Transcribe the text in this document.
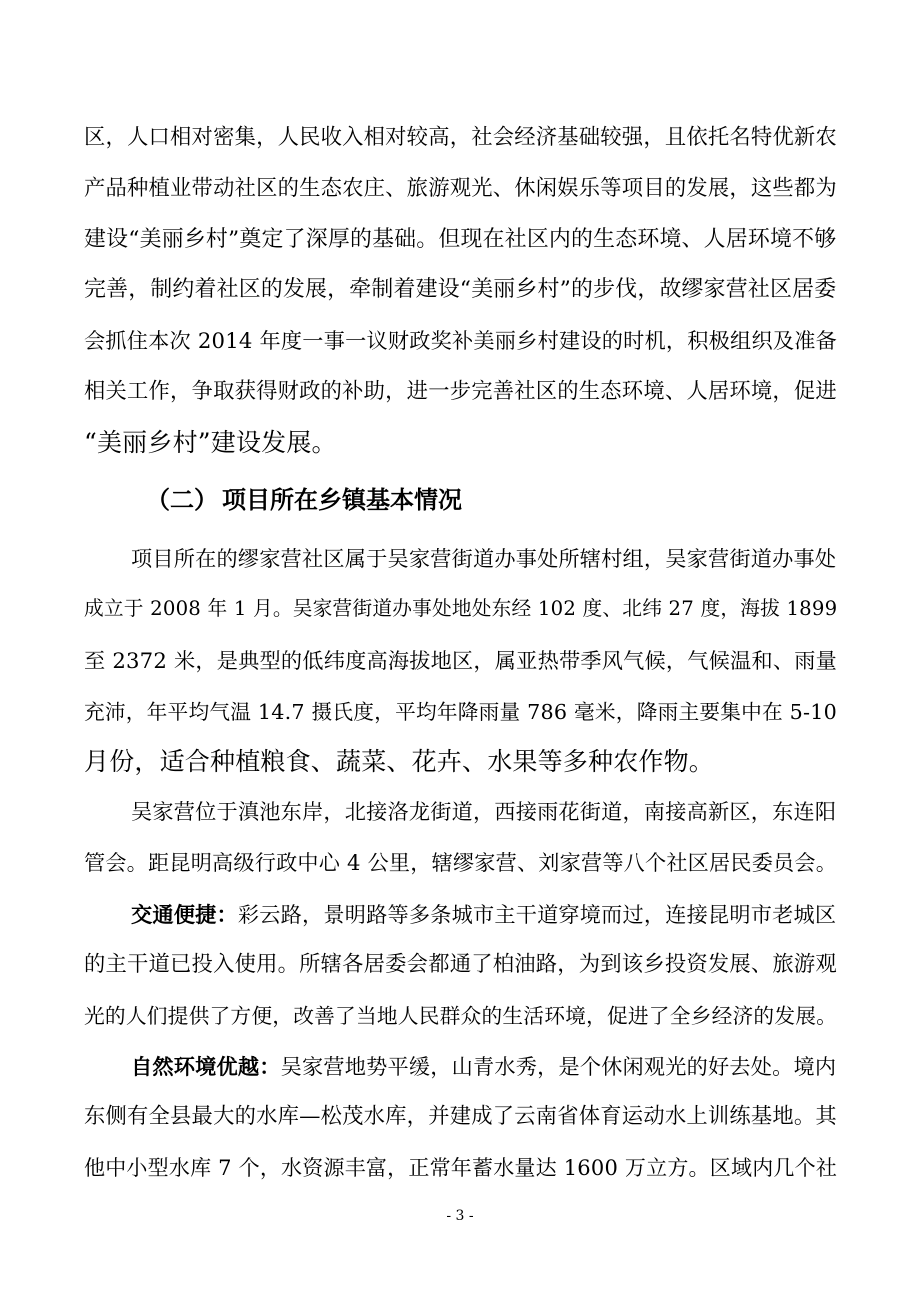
区，人口相对密集，人民收入相对较高，社会经济基础较强，且依托名特优新农
产品种植业带动社区的生态农庄、旅游观光、休闲娱乐等项目的发展，这些都为
建设“美丽乡村”奠定了深厚的基础。但现在社区内的生态环境、人居环境不够
完善，制约着社区的发展，牵制着建设“美丽乡村”的步伐，故缪家营社区居委
会抓住本次 2014 年度一事一议财政奖补美丽乡村建设的时机，积极组织及准备
相关工作，争取获得财政的补助，进一步完善社区的生态环境、人居环境，促进
“美丽乡村”建设发展。
（二） 项目所在乡镇基本情况
项目所在的缪家营社区属于吴家营街道办事处所辖村组，吴家营街道办事处
成立于 2008 年 1 月。吴家营街道办事处地处东经 102 度、北纬 27 度，海拔 1899
至 2372 米，是典型的低纬度高海拔地区，属亚热带季风气候，气候温和、雨量
充沛，年平均气温 14.7 摄氏度，平均年降雨量 786 毫米，降雨主要集中在 5-10
月份，适合种植粮食、蔬菜、花卉、水果等多种农作物。
吴家营位于滇池东岸，北接洛龙街道，西接雨花街道，南接高新区，东连阳
管会。距昆明高级行政中心 4 公里，辖缪家营、刘家营等八个社区居民委员会。
交通便捷：彩云路，景明路等多条城市主干道穿境而过，连接昆明市老城区
的主干道已投入使用。所辖各居委会都通了柏油路，为到该乡投资发展、旅游观
光的人们提供了方便，改善了当地人民群众的生活环境，促进了全乡经济的发展。
自然环境优越：吴家营地势平缓，山青水秀，是个休闲观光的好去处。境内
东侧有全县最大的水库—松茂水库，并建成了云南省体育运动水上训练基地。其
他中小型水库 7 个，水资源丰富，正常年蓄水量达 1600 万立方。区域内几个社
- 3 -
